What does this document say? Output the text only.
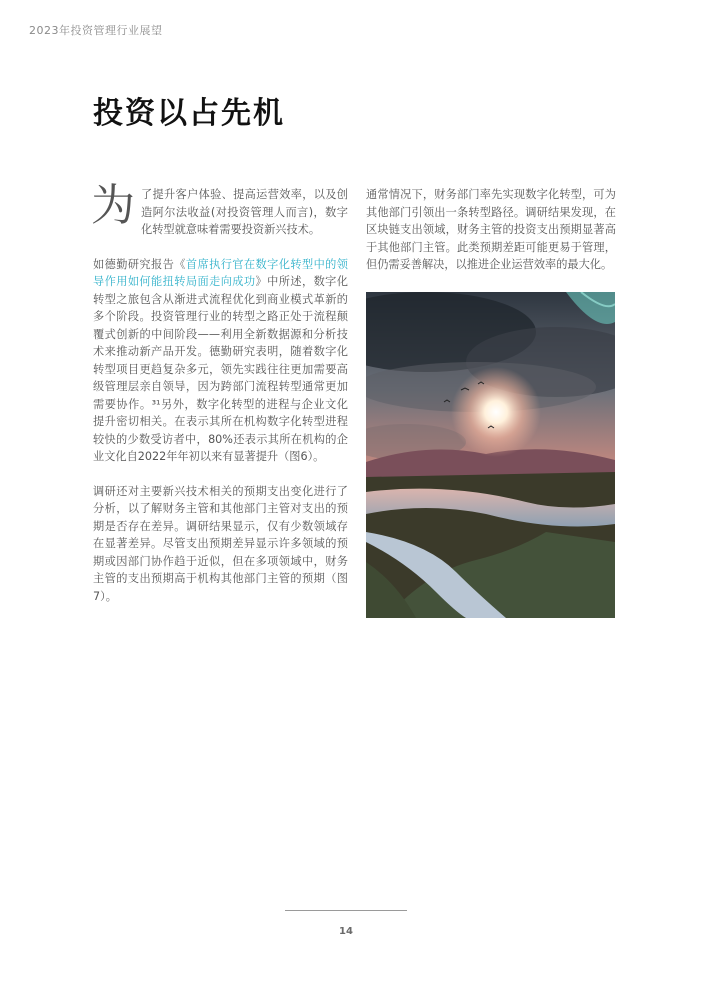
2023年投资管理行业展望
投资以占先机

为了提升客户体验、提高运营效率，以及创造阿尔法收益(对投资管理人而言)，数字化转型就意味着需要投资新兴技术。

如德勤研究报告《首席执行官在数字化转型中的领导作用如何能扭转局面走向成功》中所述，数字化转型之旅包含从渐进式流程优化到商业模式革新的多个阶段。投资管理行业的转型之路正处于流程颠覆式创新的中间阶段——利用全新数据源和分析技术来推动新产品开发。德勤研究表明，随着数字化转型项目更趋复杂多元，领先实践往往更加需要高级管理层亲自领导，因为跨部门流程转型通常更加需要协作。³¹另外，数字化转型的进程与企业文化提升密切相关。在表示其所在机构数字化转型进程较快的少数受访者中，80%还表示其所在机构的企业文化自2022年年初以来有显著提升（图6）。

调研还对主要新兴技术相关的预期支出变化进行了分析，以了解财务主管和其他部门主管对支出的预期是否存在差异。调研结果显示，仅有少数领域存在显著差异。尽管支出预期差异显示许多领域的预期或因部门协作趋于近似，但在多项领域中，财务主管的支出预期高于机构其他部门主管的预期（图7）。

通常情况下，财务部门率先实现数字化转型，可为其他部门引领出一条转型路径。调研结果发现，在区块链支出领域，财务主管的投资支出预期显著高于其他部门主管。此类预期差距可能更易于管理，但仍需妥善解决，以推进企业运营效率的最大化。

14
